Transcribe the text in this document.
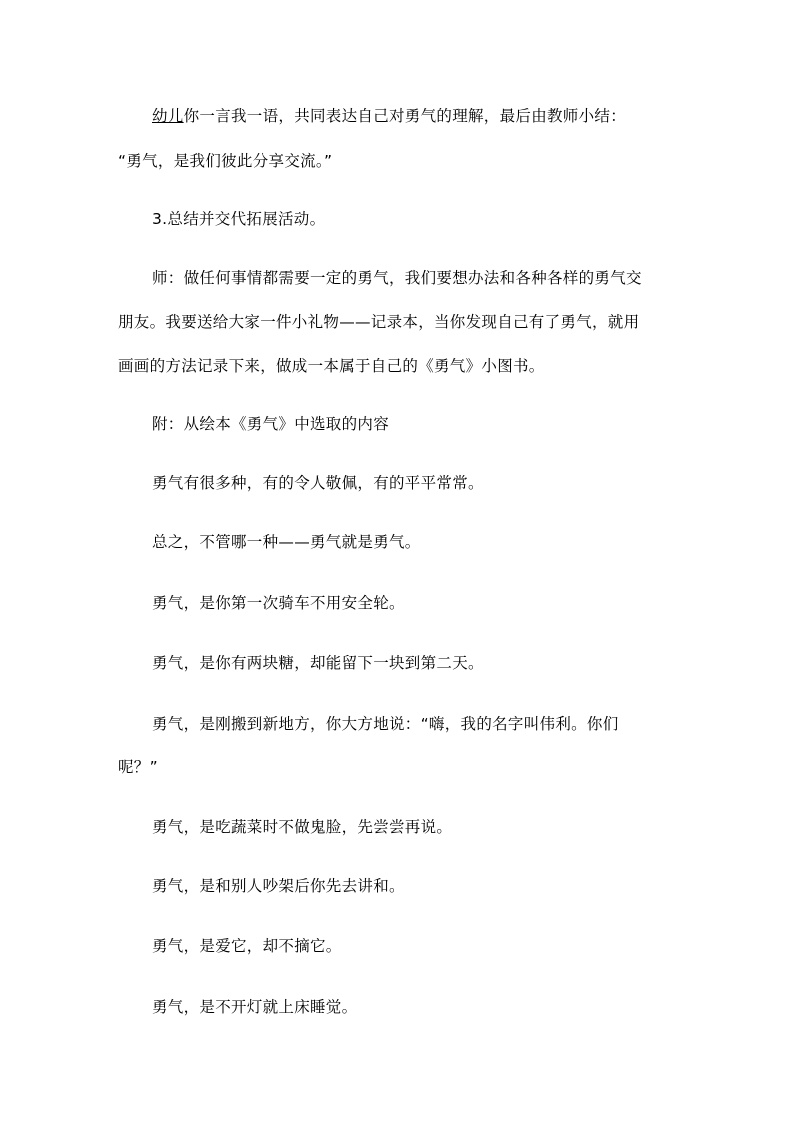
幼儿你一言我一语，共同表达自己对勇气的理解，最后由教师小结：
“勇气，是我们彼此分享交流。”
3.总结并交代拓展活动。
师：做任何事情都需要一定的勇气，我们要想办法和各种各样的勇气交
朋友。我要送给大家一件小礼物——记录本，当你发现自己有了勇气，就用
画画的方法记录下来，做成一本属于自己的《勇气》小图书。
附：从绘本《勇气》中选取的内容
勇气有很多种，有的令人敬佩，有的平平常常。
总之，不管哪一种——勇气就是勇气。
勇气，是你第一次骑车不用安全轮。
勇气，是你有两块糖，却能留下一块到第二天。
勇气，是刚搬到新地方，你大方地说：“嗨，我的名字叫伟利。你们
呢？”
勇气，是吃蔬菜时不做鬼脸，先尝尝再说。
勇气，是和别人吵架后你先去讲和。
勇气，是爱它，却不摘它。
勇气，是不开灯就上床睡觉。
